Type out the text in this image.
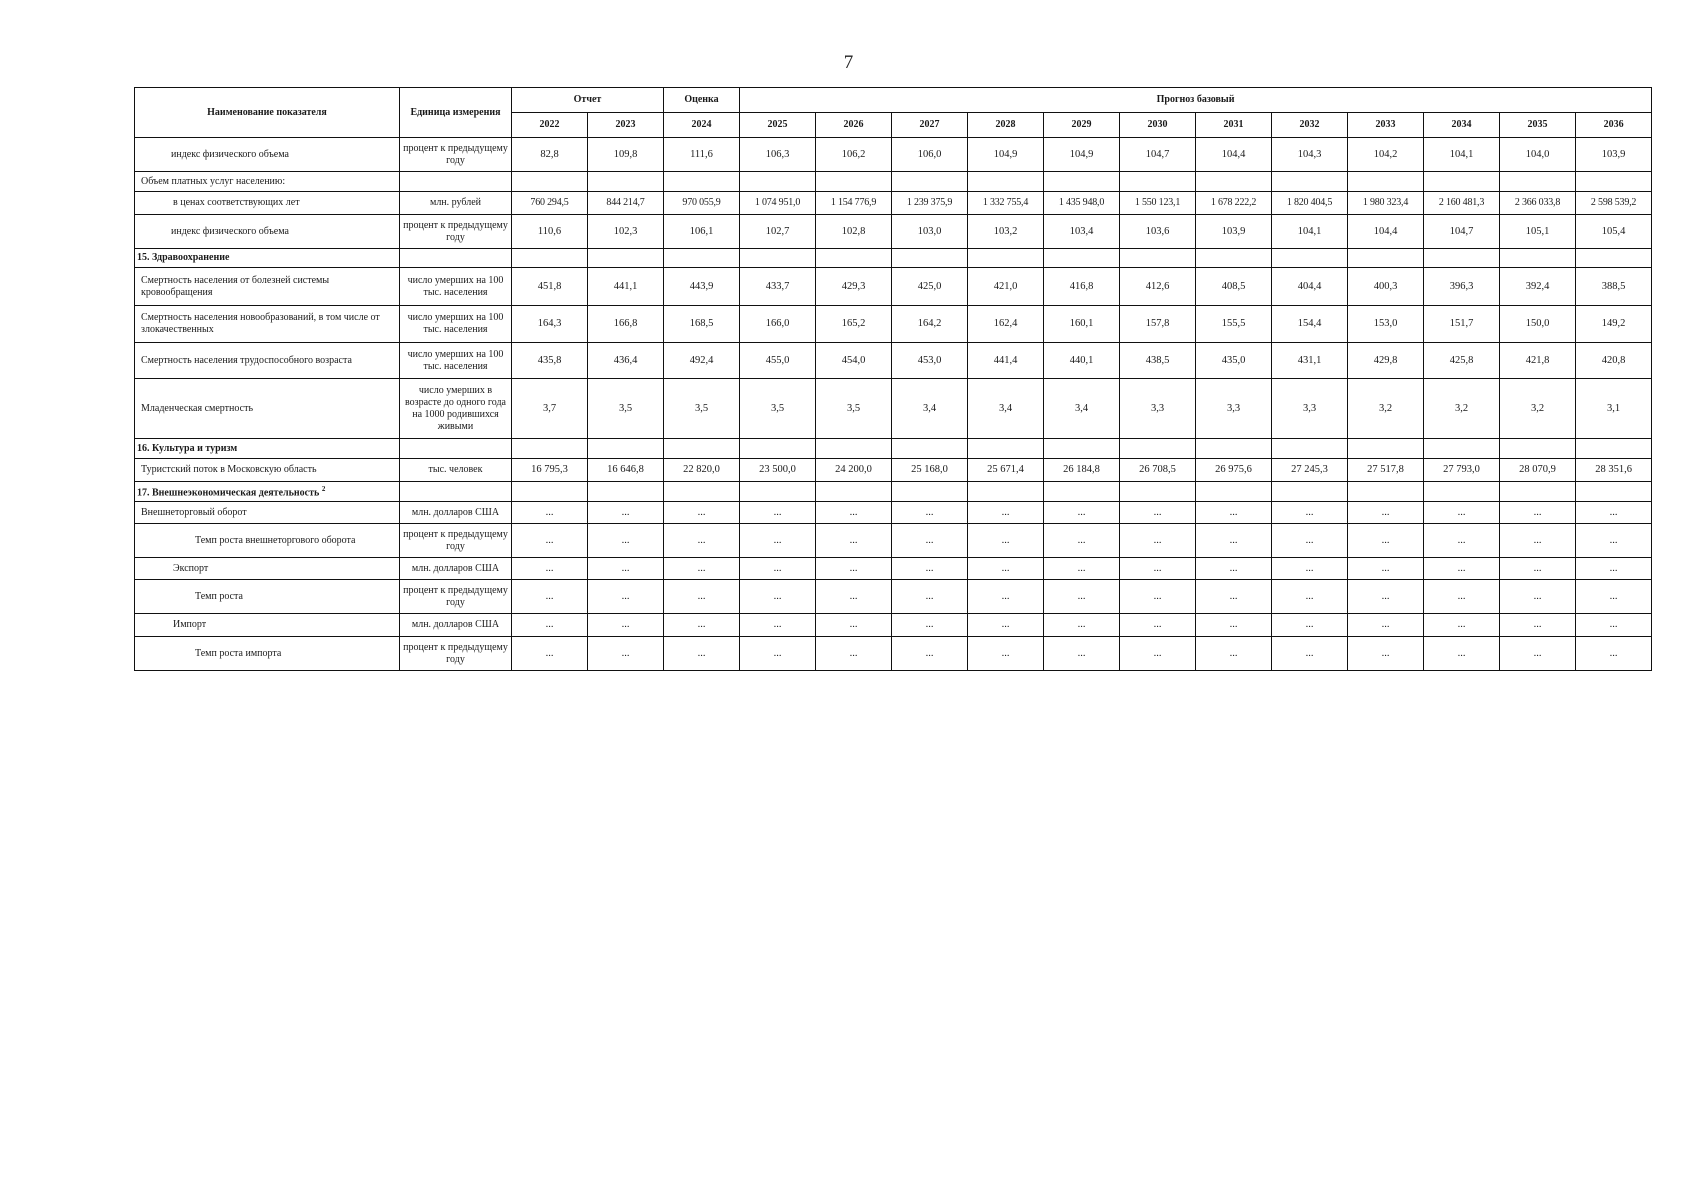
7
Наименование показателя	Единица измерения	Отчет		Оценка	Прогноз базовый											
		2022	2023	2024	2025	2026	2027	2028	2029	2030	2031	2032	2033	2034	2035	2036
индекс физического объема	процент к предыдущему году	82,8	109,8	111,6	106,3	106,2	106,0	104,9	104,9	104,7	104,4	104,3	104,2	104,1	104,0	103,9
Объем платных услуг населению:																
в ценах соответствующих лет	млн. рублей	760 294,5	844 214,7	970 055,9	1 074 951,0	1 154 776,9	1 239 375,9	1 332 755,4	1 435 948,0	1 550 123,1	1 678 222,2	1 820 404,5	1 980 323,4	2 160 481,3	2 366 033,8	2 598 539,2
индекс физического объема	процент к предыдущему году	110,6	102,3	106,1	102,7	102,8	103,0	103,2	103,4	103,6	103,9	104,1	104,4	104,7	105,1	105,4
15. Здравоохранение																
Смертность населения от болезней системы кровообращения	число умерших на 100 тыс. населения	451,8	441,1	443,9	433,7	429,3	425,0	421,0	416,8	412,6	408,5	404,4	400,3	396,3	392,4	388,5
Смертность населения новообразований, в том числе от злокачественных	число умерших на 100 тыс. населения	164,3	166,8	168,5	166,0	165,2	164,2	162,4	160,1	157,8	155,5	154,4	153,0	151,7	150,0	149,2
Смертность населения трудоспособного возраста	число умерших на 100 тыс. населения	435,8	436,4	492,4	455,0	454,0	453,0	441,4	440,1	438,5	435,0	431,1	429,8	425,8	421,8	420,8
Младенческая смертность	число умерших в возрасте до одного года на 1000 родившихся живыми	3,7	3,5	3,5	3,5	3,5	3,4	3,4	3,4	3,3	3,3	3,3	3,2	3,2	3,2	3,1
16. Культура и туризм																
Туристский поток в Московскую область	тыс. человек	16 795,3	16 646,8	22 820,0	23 500,0	24 200,0	25 168,0	25 671,4	26 184,8	26 708,5	26 975,6	27 245,3	27 517,8	27 793,0	28 070,9	28 351,6
17. Внешнеэкономическая деятельность $^2$																
Внешнеторговый оборот	млн. долларов США	...	...	...	...	...	...	...	...	...	...	...	...	...	...	...
Темп роста внешнеторгового оборота	процент к предыдущему году	...	...	...	...	...	...	...	...	...	...	...	...	...	...	...
Экспорт	млн. долларов США	...	...	...	...	...	...	...	...	...	...	...	...	...	...	...
Темп роста	процент к предыдущему году	...	...	...	...	...	...	...	...	...	...	...	...	...	...	...
Импорт	млн. долларов США	...	...	...	...	...	...	...	...	...	...	...	...	...	...	...
Темп роста импорта	процент к предыдущему году	...	...	...	...	...	...	...	...	...	...	...	...	...	...	...
